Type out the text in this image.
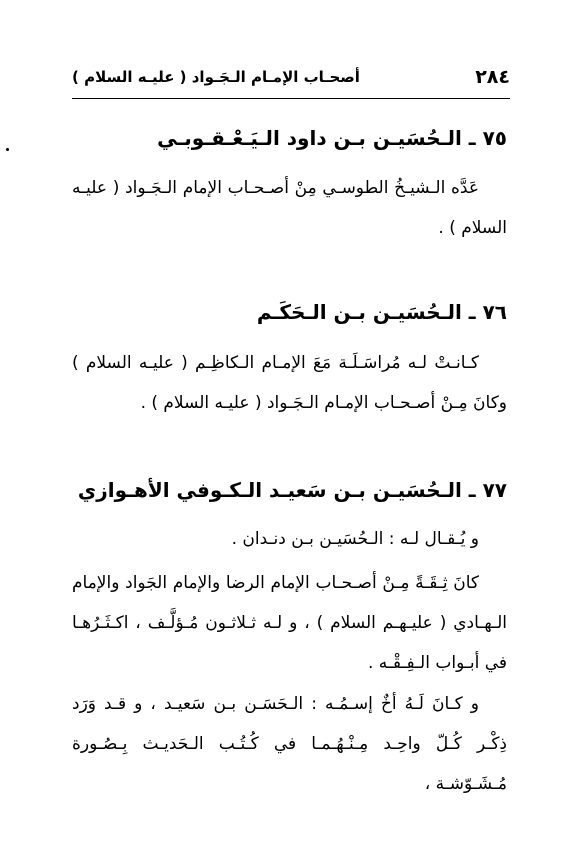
٢٨٤
أصحـاب الإمـام الـجَـواد ( عليـه السلام )
٧٥ ـ الـحُسَيـن بـن داود الـيَـعْـقـوبـي
عَدَّه الـشيـخُ الطوسـي مِنْ أصـحـاب الإمام الـجَـواد ( عليـه السلام ) .
٧٦ ـ الـحُسَيـن بـن الـحَكَـم
كـانـتْ لـه مُراسَـلَـة مَعَ الإمـام الـكاظِـم ( عليـه السلام ) وكانَ مِـنْ أصـحـاب الإمـام الـجَـواد ( عليـه السلام ) .
٧٧ ـ الـحُسَيـن بـن سَعيـد الـكـوفي الأهـوازي
و يُـقـال لـه : الـحُسَيـن بـن دنـدان .
كانَ ثِـقَـةً مِـنْ أصـحـاب الإمام الرضا والإمام الجَواد والإمام الـهـادي ( عليـهـم السلام ) ، و لـه ثـلاثـون مُـؤلَّـف ، اكـثَـرُهـا في أبـواب الـفِـقْـه .
و كـانَ لَـهُ أخٌ إسـمُـه : الـحَسَـن بـن سَعيـد ، و قـد وَرَد ذِكْـر كُـلّ واحِـد مِـنْـهُـمـا في كُـتُـب الـحَديـث بِـصُـورة مُـشَـوّشـة ،
